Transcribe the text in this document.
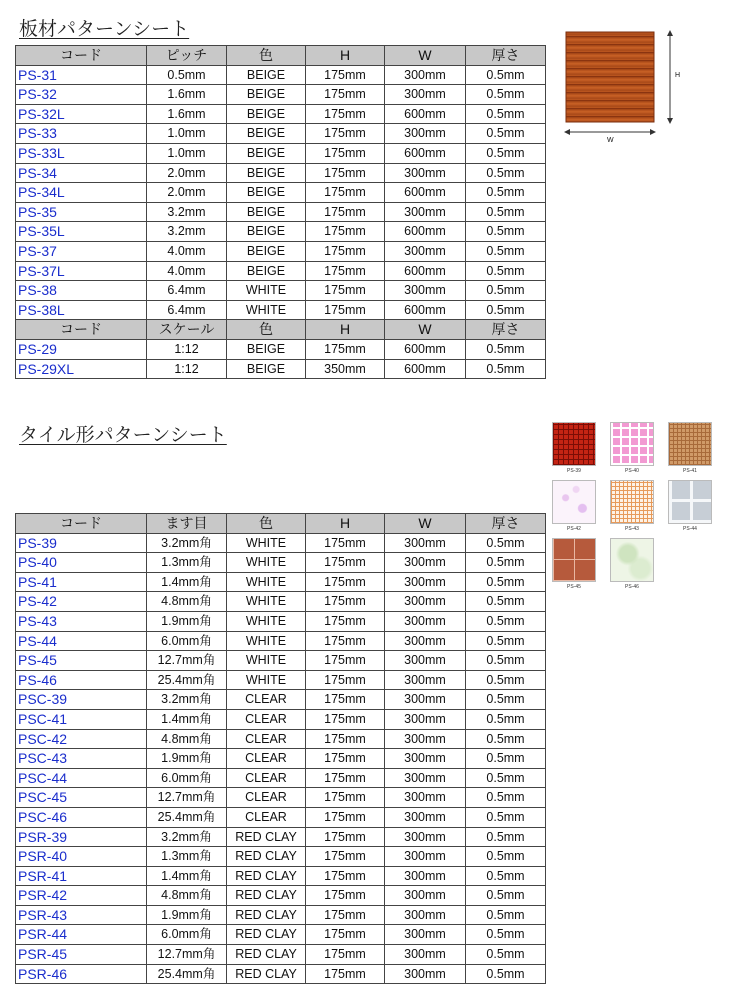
板材パターンシート
コード	ピッチ	色	H	W	厚さ
PS-31	0.5mm	BEIGE	175mm	300mm	0.5mm
PS-32	1.6mm	BEIGE	175mm	300mm	0.5mm
PS-32L	1.6mm	BEIGE	175mm	600mm	0.5mm
PS-33	1.0mm	BEIGE	175mm	300mm	0.5mm
PS-33L	1.0mm	BEIGE	175mm	600mm	0.5mm
PS-34	2.0mm	BEIGE	175mm	300mm	0.5mm
PS-34L	2.0mm	BEIGE	175mm	600mm	0.5mm
PS-35	3.2mm	BEIGE	175mm	300mm	0.5mm
PS-35L	3.2mm	BEIGE	175mm	600mm	0.5mm
PS-37	4.0mm	BEIGE	175mm	300mm	0.5mm
PS-37L	4.0mm	BEIGE	175mm	600mm	0.5mm
PS-38	6.4mm	WHITE	175mm	300mm	0.5mm
PS-38L	6.4mm	WHITE	175mm	600mm	0.5mm
コード	スケール	色	H	W	厚さ
PS-29	1:12	BEIGE	175mm	600mm	0.5mm
PS-29XL	1:12	BEIGE	350mm	600mm	0.5mm
H
W
タイル形パターンシート
コード	ます目	色	H	W	厚さ
PS-39	3.2mm角	WHITE	175mm	300mm	0.5mm
PS-40	1.3mm角	WHITE	175mm	300mm	0.5mm
PS-41	1.4mm角	WHITE	175mm	300mm	0.5mm
PS-42	4.8mm角	WHITE	175mm	300mm	0.5mm
PS-43	1.9mm角	WHITE	175mm	300mm	0.5mm
PS-44	6.0mm角	WHITE	175mm	300mm	0.5mm
PS-45	12.7mm角	WHITE	175mm	300mm	0.5mm
PS-46	25.4mm角	WHITE	175mm	300mm	0.5mm
PSC-39	3.2mm角	CLEAR	175mm	300mm	0.5mm
PSC-41	1.4mm角	CLEAR	175mm	300mm	0.5mm
PSC-42	4.8mm角	CLEAR	175mm	300mm	0.5mm
PSC-43	1.9mm角	CLEAR	175mm	300mm	0.5mm
PSC-44	6.0mm角	CLEAR	175mm	300mm	0.5mm
PSC-45	12.7mm角	CLEAR	175mm	300mm	0.5mm
PSC-46	25.4mm角	CLEAR	175mm	300mm	0.5mm
PSR-39	3.2mm角	RED CLAY	175mm	300mm	0.5mm
PSR-40	1.3mm角	RED CLAY	175mm	300mm	0.5mm
PSR-41	1.4mm角	RED CLAY	175mm	300mm	0.5mm
PSR-42	4.8mm角	RED CLAY	175mm	300mm	0.5mm
PSR-43	1.9mm角	RED CLAY	175mm	300mm	0.5mm
PSR-44	6.0mm角	RED CLAY	175mm	300mm	0.5mm
PSR-45	12.7mm角	RED CLAY	175mm	300mm	0.5mm
PSR-46	25.4mm角	RED CLAY	175mm	300mm	0.5mm
PS-39	PS-40	PS-41
PS-42	PS-43	PS-44
PS-45	PS-46
